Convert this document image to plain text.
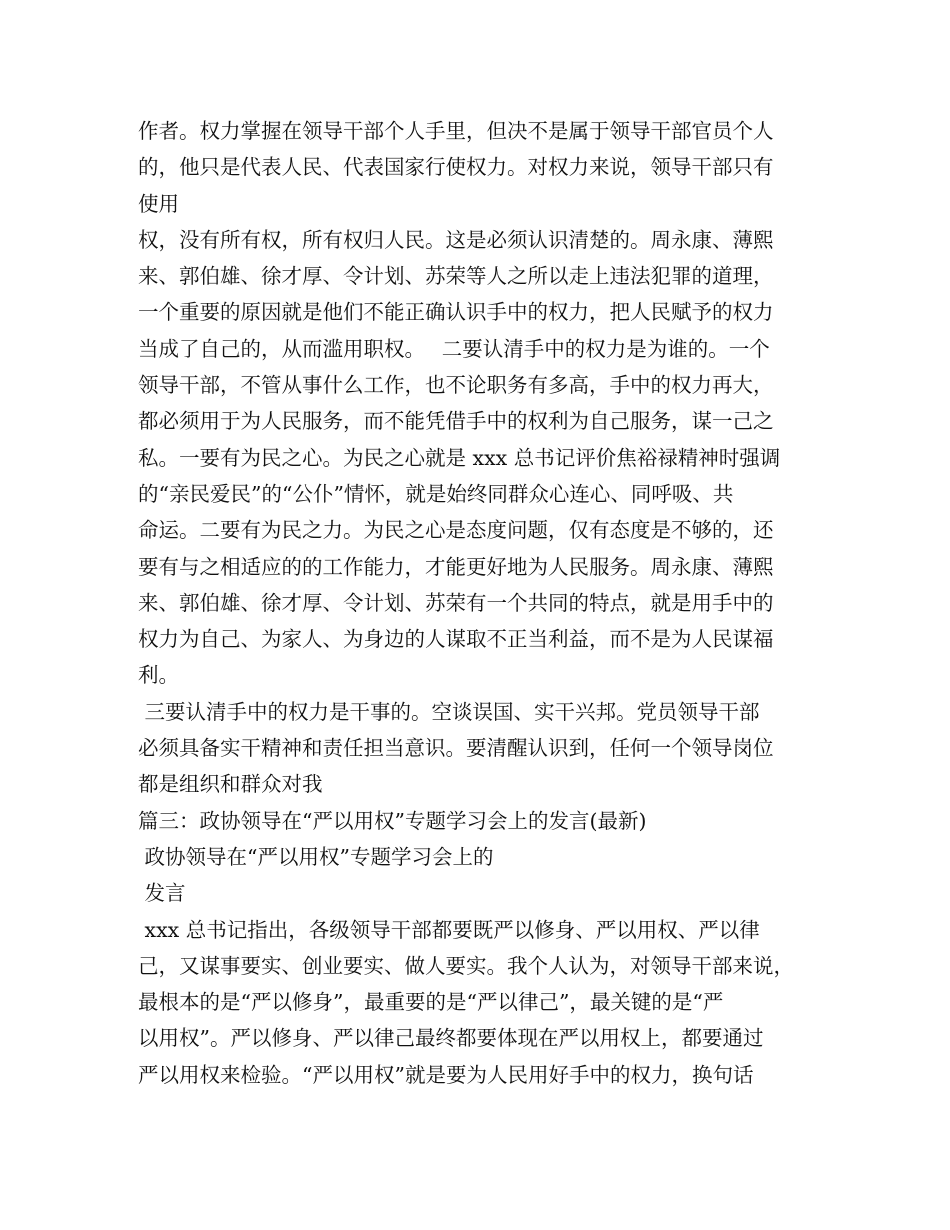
作者。权力掌握在领导干部个人手里，但决不是属于领导干部官员个人
的，他只是代表人民、代表国家行使权力。对权力来说，领导干部只有
使用
权，没有所有权，所有权归人民。这是必须认识清楚的。周永康、薄熙
来、郭伯雄、徐才厚、令计划、苏荣等人之所以走上违法犯罪的道理，
一个重要的原因就是他们不能正确认识手中的权力，把人民赋予的权力
当成了自己的，从而滥用职权。　 二要认清手中的权力是为谁的。一个
领导干部，不管从事什么工作，也不论职务有多高，手中的权力再大，
都必须用于为人民服务，而不能凭借手中的权利为自己服务，谋一己之
私。一要有为民之心。为民之心就是 xxx 总书记评价焦裕禄精神时强调
的“亲民爱民”的“公仆”情怀，就是始终同群众心连心、同呼吸、共
命运。二要有为民之力。为民之心是态度问题，仅有态度是不够的，还
要有与之相适应的的工作能力，才能更好地为人民服务。周永康、薄熙
来、郭伯雄、徐才厚、令计划、苏荣有一个共同的特点，就是用手中的
权力为自己、为家人、为身边的人谋取不正当利益，而不是为人民谋福
利。
三要认清手中的权力是干事的。空谈误国、实干兴邦。党员领导干部
必须具备实干精神和责任担当意识。要清醒认识到，任何一个领导岗位
都是组织和群众对我
篇三：政协领导在“严以用权”专题学习会上的发言(最新)
政协领导在“严以用权”专题学习会上的
发言
xxx 总书记指出，各级领导干部都要既严以修身、严以用权、严以律
己，又谋事要实、创业要实、做人要实。我个人认为，对领导干部来说，
最根本的是“严以修身”，最重要的是“严以律己”，最关键的是“严
以用权”。严以修身、严以律己最终都要体现在严以用权上，都要通过
严以用权来检验。“严以用权”就是要为人民用好手中的权力，换句话
